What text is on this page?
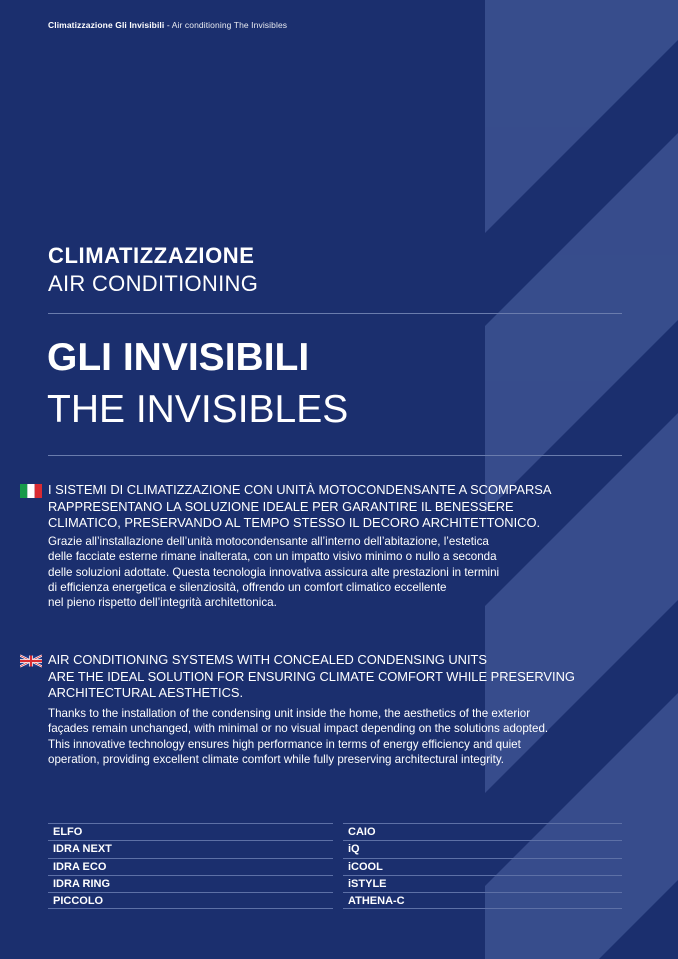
Climatizzazione Gli Invisibili - Air conditioning The Invisibles
CLIMATIZZAZIONE
AIR CONDITIONING
GLI INVISIBILI
THE INVISIBLES
I SISTEMI DI CLIMATIZZAZIONE CON UNITÀ MOTOCONDENSANTE A SCOMPARSA
RAPPRESENTANO LA SOLUZIONE IDEALE PER GARANTIRE IL BENESSERE
CLIMATICO, PRESERVANDO AL TEMPO STESSO IL DECORO ARCHITETTONICO.
Grazie all’installazione dell’unità motocondensante all’interno dell’abitazione, l’estetica
delle facciate esterne rimane inalterata, con un impatto visivo minimo o nullo a seconda
delle soluzioni adottate. Questa tecnologia innovativa assicura alte prestazioni in termini
di efficienza energetica e silenziosità, offrendo un comfort climatico eccellente
nel pieno rispetto dell’integrità architettonica.
AIR CONDITIONING SYSTEMS WITH CONCEALED CONDENSING UNITS
ARE THE IDEAL SOLUTION FOR ENSURING CLIMATE COMFORT WHILE PRESERVING
ARCHITECTURAL AESTHETICS.
Thanks to the installation of the condensing unit inside the home, the aesthetics of the exterior
façades remain unchanged, with minimal or no visual impact depending on the solutions adopted.
This innovative technology ensures high performance in terms of energy efficiency and quiet
operation, providing excellent climate comfort while fully preserving architectural integrity.
ELFO
IDRA NEXT
IDRA ECO
IDRA RING
PICCOLO
CAIO
iQ
iCOOL
iSTYLE
ATHENA-C
